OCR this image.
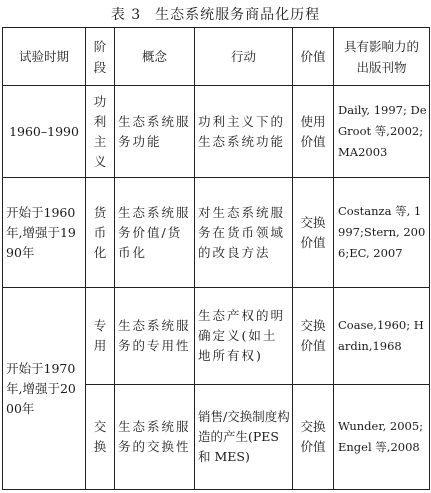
表 3 生态系统服务商品化历程
试验时期	阶段	概念	行动	价值	具有影响力的出版刊物
1960–1990	功利主义	生态系统服务功能	功利主义下的生态系统功能	使用价值	Daily, 1997; De Groot 等,2002; MA2003
开始于1960年,增强于1990年	货币化	生态系统服务价值/货 币化	对生态系统服务在货币领域的改良方法	交换价值	Costanza 等, 1997;Stern, 2006;EC, 2007
开始于1970年,增强于2000年	专用	生态系统服务的专用性	生态产权的明确定义(如土地所有权)	交换价值	Coase,1960; Hardin,1968
	交换	生态系统服务的交换性	销售/交换制度构造的产生(PES 和 MES)	交换价值	Wunder, 2005;Engel 等,2008
